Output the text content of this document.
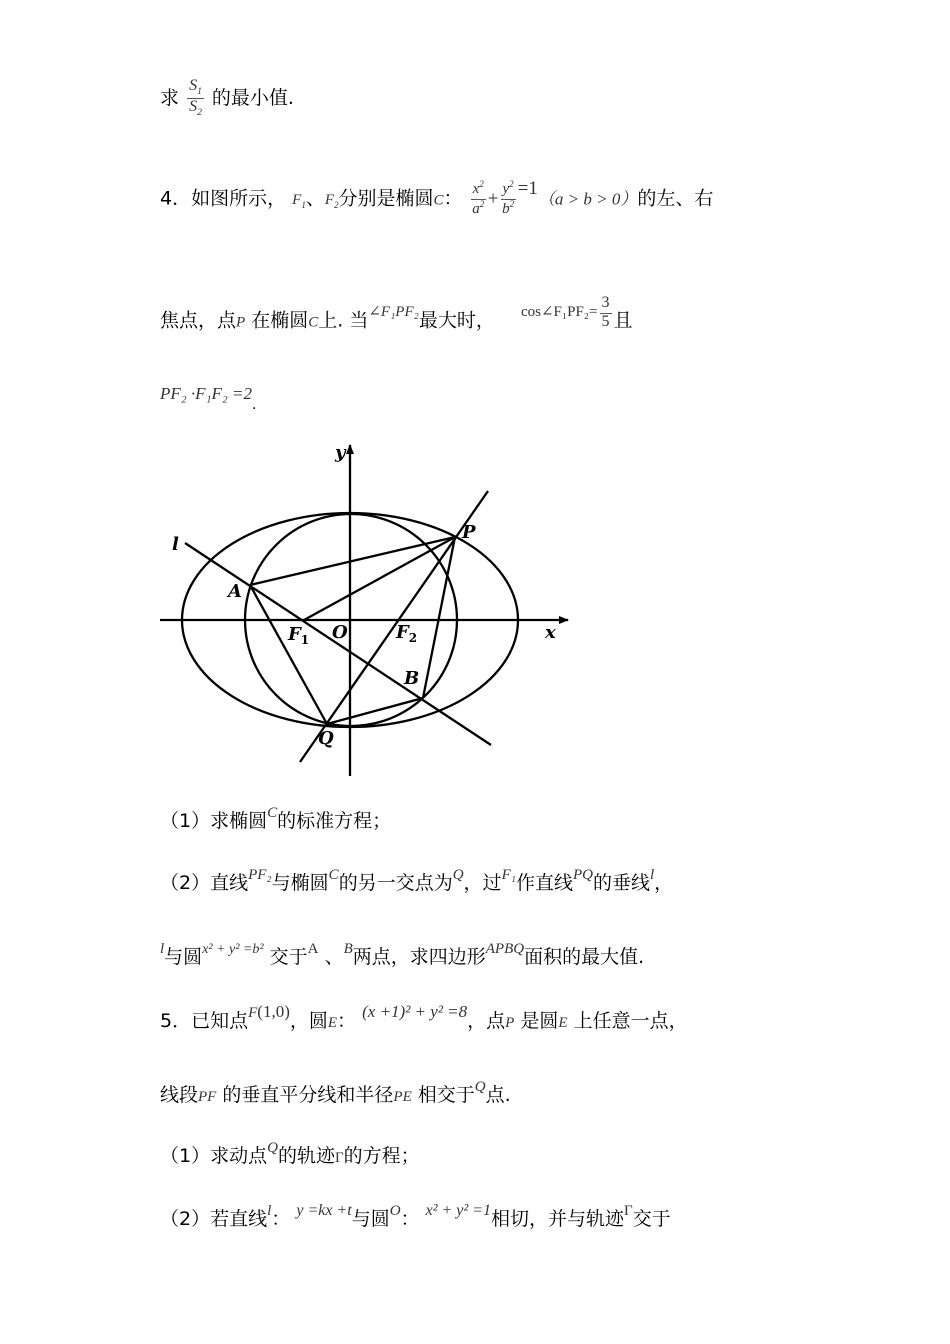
求 $\frac{S_1}{S_2}$ 的最小值.
4．如图所示， $F_1$、$F_2$分别是椭圆C： $\frac{x^2}{a^2} + \frac{y^2}{b^2} =1(a > b > 0)$的左、右
焦点，点P 在椭圆C上. 当$^{\angle F_1PF_2}$最大时， $^{cos\angle F_1PF_2=} \frac{3}{5}$ 且
$PF_2 \cdot F_1F_2 =2_.$
y
x
l
P
A
O
B
Q
$F_1$	$F_2$
（1）求椭圆$^C$的标准方程；
（2）直线$^{PF_2}$与椭圆$^C$的另一交点为$^Q$，过$^{F_1}$作直线$^{PQ}$的垂线$^l$，
$^l$与圆$^{x^2 + y^2 =b^2}$ 交于$^A$ 、$^B$两点，求四边形$^{APBQ}$面积的最大值.
5．已知点$^F$(1,0)，圆E： (x +1)² + y² =8，点P 是圆E 上任意一点，
线段PF 的垂直平分线和半径PE 相交于$^Q$点.
（1）求动点$^Q$的轨迹Γ的方程；
（2）若直线$^l$： $^{y =kx +t}$与圆$^O$： $^{x^2 + y^2 =1}$相切，并与轨迹$^\Gamma$交于
